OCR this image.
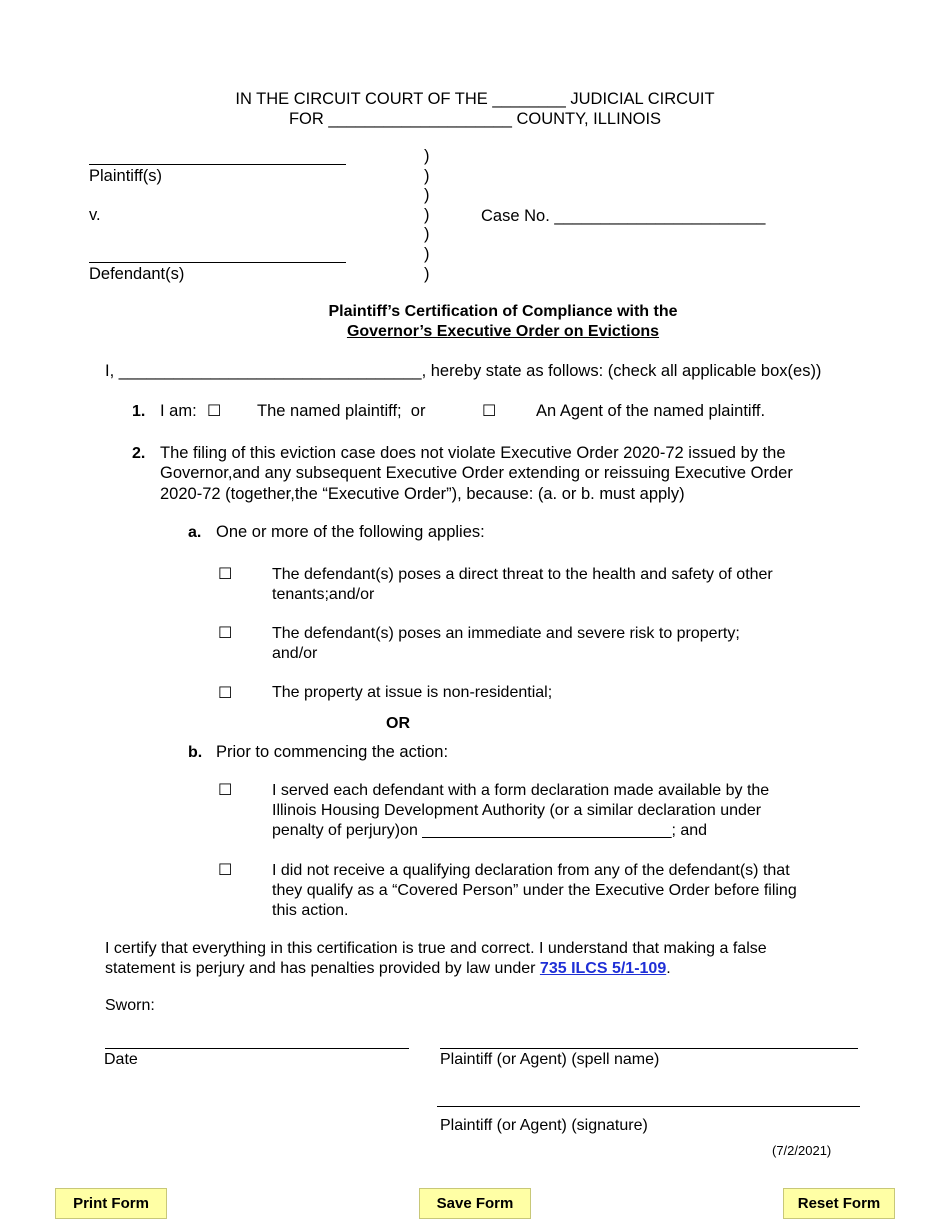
IN THE CIRCUIT COURT OF THE ________ JUDICIAL CIRCUIT
FOR ____________________ COUNTY, ILLINOIS
Plaintiff(s)
v.
Defendant(s)
)
)
)
)
)
)
)
Case No. _______________________
Plaintiff’s Certification of Compliance with the
Governor’s Executive Order on Evictions
I, _________________________________, hereby state as follows: (check all applicable box(es))
1. I am: ☐ The named plaintiff;  or	☐ An Agent of the named plaintiff.
2. The filing of this eviction case does not violate Executive Order 2020-72 issued by the
Governor,and any subsequent Executive Order extending or reissuing Executive Order
2020-72 (together,the “Executive Order”), because: (a. or b. must apply)
a. One or more of the following applies:
☐ The defendant(s) poses a direct threat to the health and safety of other
tenants;and/or
☐ The defendant(s) poses an immediate and severe risk to property;
and/or
☐ The property at issue is non-residential;
OR
b. Prior to commencing the action:
☐ I served each defendant with a form declaration made available by the
Illinois Housing Development Authority (or a similar declaration under
penalty of perjury)on ____________________________; and
☐ I did not receive a qualifying declaration from any of the defendant(s) that
they qualify as a “Covered Person” under the Executive Order before filing
this action.
I certify that everything in this certification is true and correct. I understand that making a false
statement is perjury and has penalties provided by law under 735 ILCS 5/1-109.
Sworn:
Date	Plaintiff (or Agent) (spell name)
Plaintiff (or Agent) (signature)
(7/2/2021)
Print Form	Save Form	Reset Form
